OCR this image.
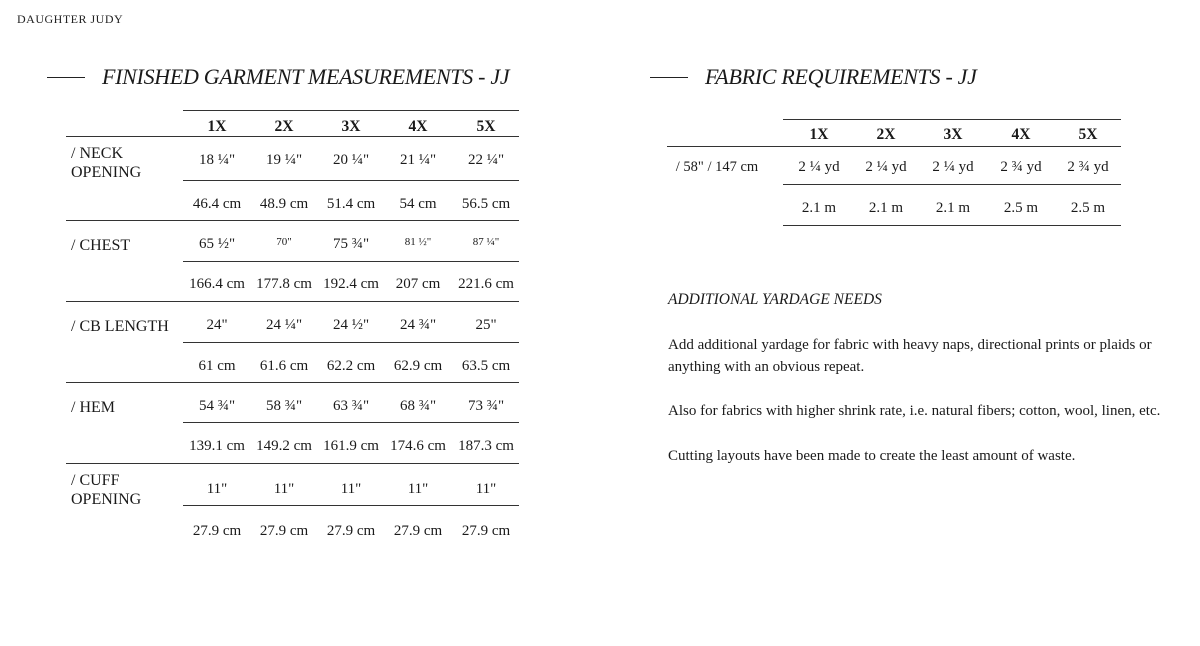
DAUGHTER JUDY
FINISHED GARMENT MEASUREMENTS - JJ	FABRIC REQUIREMENTS - JJ
1X	2X	3X	4X	5X
/ NECK
OPENING
18 ¼" 19 ¼" 20 ¼" 21 ¼" 22 ¼"
46.4 cm 48.9 cm 51.4 cm 54 cm 56.5 cm
/ CHEST	65 ½"	70"	75 ¾"	81 ½"	87 ¼"
166.4 cm 177.8 cm 192.4 cm 207 cm 221.6 cm
/ CB LENGTH	24"	24 ¼" 24 ½" 24 ¾"	25"
61 cm 61.6 cm 62.2 cm 62.9 cm 63.5 cm
/ HEM	54 ¾" 58 ¾" 63 ¾" 68 ¾" 73 ¾"
139.1 cm 149.2 cm 161.9 cm 174.6 cm 187.3 cm
/ CUFF
OPENING
11"	11"	11"	11"	11"
27.9 cm 27.9 cm 27.9 cm 27.9 cm 27.9 cm
1X	2X	3X	4X	5X
/ 58" / 147 cm	2 ¼ yd 2 ¼ yd 2 ¼ yd 2 ¾ yd 2 ¾ yd
2.1 m 2.1 m 2.1 m 2.5 m 2.5 m
ADDITIONAL YARDAGE NEEDS
Add additional yardage for fabric with heavy naps, directional prints or plaids or anything with an obvious repeat.
Also for fabrics with higher shrink rate, i.e. natural fibers; cotton, wool, linen, etc.
Cutting layouts have been made to create the least amount of waste.
